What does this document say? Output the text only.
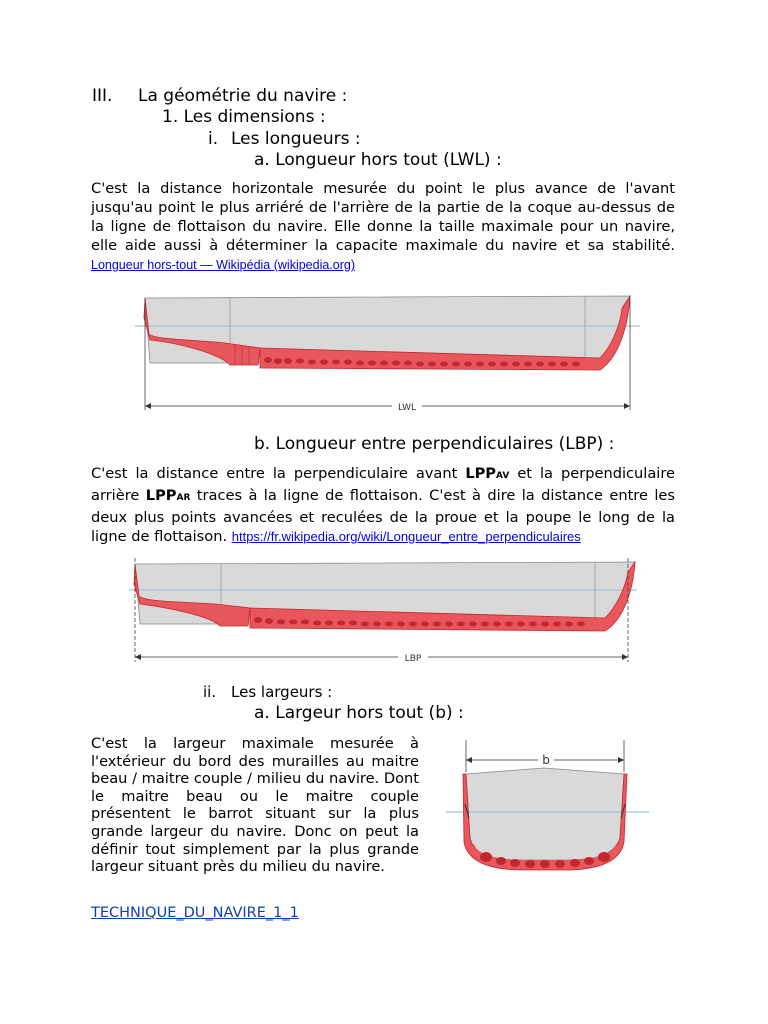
III. La géométrie du navire :
1. Les dimensions :
i. Les longueurs :
a. Longueur hors tout (LWL) :
C'est la distance horizontale mesurée du point le plus avance de l'avant jusqu'au point le plus arriéré de l'arrière de la partie de la coque au-dessus de la ligne de flottaison du navire. Elle donne la taille maximale pour un navire, elle aide aussi à déterminer la capacite maximale du navire et sa stabilité. Longueur hors-tout — Wikipédia (wikipedia.org)
LWL
b. Longueur entre perpendiculaires (LBP) :
C'est la distance entre la perpendiculaire avant LPPAV et la perpendiculaire arrière LPPAR traces à la ligne de flottaison. C'est à dire la distance entre les deux plus points avancées et reculées de la proue et la poupe le long de la ligne de flottaison. https://fr.wikipedia.org/wiki/Longueur_entre_perpendiculaires
LBP
ii. Les largeurs :
a. Largeur hors tout (b) :
C'est la largeur maximale mesurée à l'extérieur du bord des murailles au maitre beau / maitre couple / milieu du navire. Dont le maitre beau ou le maitre couple présentent le barrot situant sur la plus grande largeur du navire. Donc on peut la définir tout simplement par la plus grande largeur situant près du milieu du navire.
b
TECHNIQUE_DU_NAVIRE_1_1
